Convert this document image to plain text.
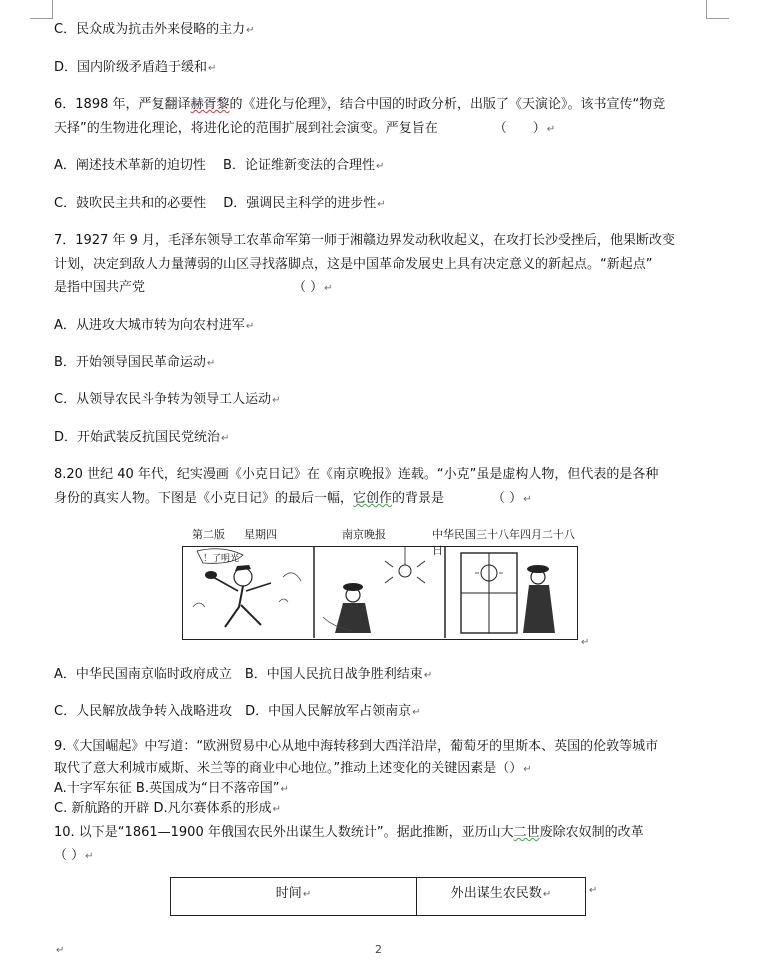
C．民众成为抗击外来侵略的主力↵
D．国内阶级矛盾趋于缓和↵
6．1898 年，严复翻译赫胥黎的《进化与伦理》，结合中国的时政分析，出版了《天演论》。该书宣传“物竞
天择”的生物进化理论，将进化论的范围扩展到社会演变。严复旨在	（　　）↵
A．阐述技术革新的迫切性　 B．论证维新变法的合理性↵
C．鼓吹民主共和的必要性　 D．强调民主科学的进步性↵
7．1927 年 9 月，毛泽东领导工农革命军第一师于湘赣边界发动秋收起义，在攻打长沙受挫后，他果断改变
计划，决定到敌人力量薄弱的山区寻找落脚点，这是中国革命发展史上具有决定意义的新起点。“新起点”
是指中国共产党	（ ）↵
A．从进攻大城市转为向农村进军↵
B．开始领导国民革命运动↵
C．从领导农民斗争转为领导工人运动↵
D．开始武装反抗国民党统治↵
8.20 世纪 40 年代，纪实漫画《小克日记》在《南京晚报》连载。“小克”虽是虚构人物，但代表的是各种
身份的真实人物。下图是《小克日记》的最后一幅，它创作的背景是	（ ）↵
第二版 星期四	南京晚报	中华民国三十八年四月二十八日
！了明光
↵
A．中华民国南京临时政府成立　B．中国人民抗日战争胜利结束↵
C．人民解放战争转入战略进攻　D．中国人民解放军占领南京↵
9.《大国崛起》中写道：“欧洲贸易中心从地中海转移到大西洋沿岸，葡萄牙的里斯本、英国的伦敦等城市
取代了意大利城市威斯、米兰等的商业中心地位。”推动上述变化的关键因素是（）↵
A.十字军东征 B.英国成为“日不落帝国”↵
C. 新航路的开辟 D.凡尔赛体系的形成↵
10. 以下是“1861—1900 年俄国农民外出谋生人数统计”。据此推断，亚历山大二世废除农奴制的改革
（ ）↵
时间↵	外出谋生农民数↵	↵
↵	2
